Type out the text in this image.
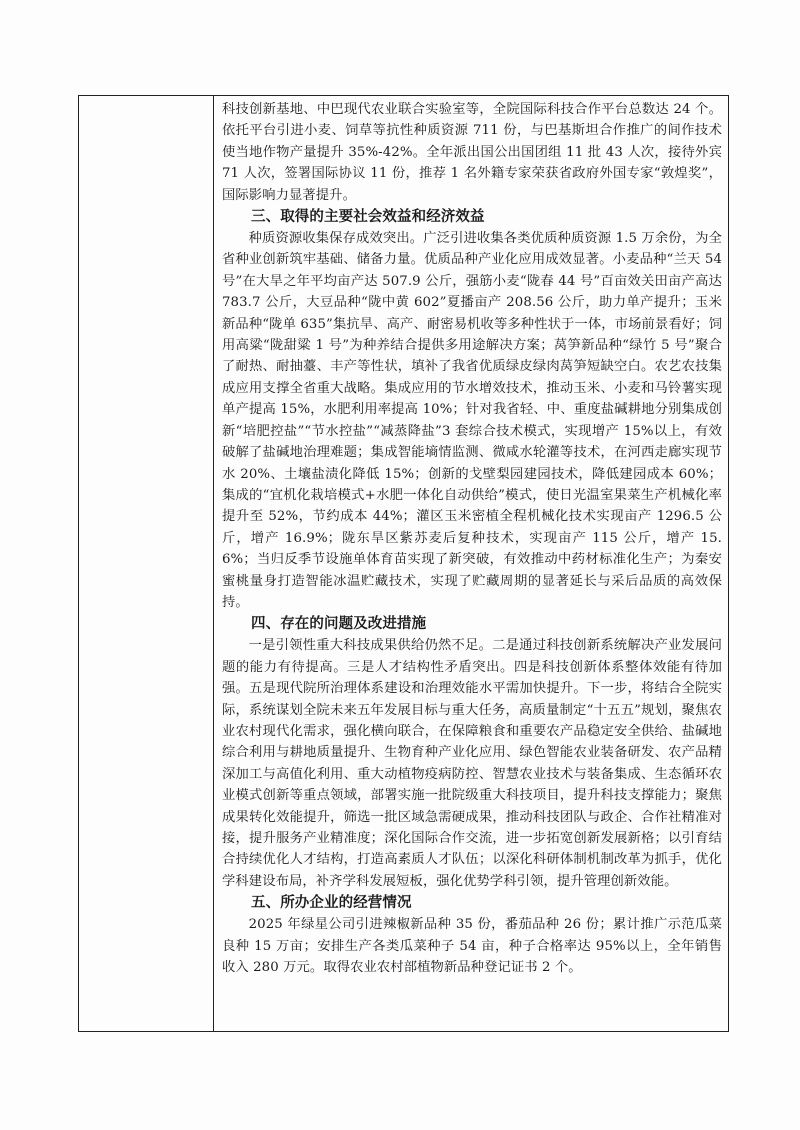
科技创新基地、中巴现代农业联合实验室等，全院国际科技合作平台总数达 24 个。依托平台引进小麦、饲草等抗性种质资源 711 份，与巴基斯坦合作推广的间作技术使当地作物产量提升 35%-42%。全年派出国公出国团组 11 批 43 人次，接待外宾 71 人次，签署国际协议 11 份，推荐 1 名外籍专家荣获省政府外国专家“敦煌奖”，国际影响力显著提升。

三、取得的主要社会效益和经济效益

种质资源收集保存成效突出。广泛引进收集各类优质种质资源 1.5 万余份，为全省种业创新筑牢基础、储备力量。优质品种产业化应用成效显著。小麦品种“兰天 54 号”在大旱之年平均亩产达 507.9 公斤，强筋小麦“陇春 44 号”百亩效关田亩产高达 783.7 公斤，大豆品种“陇中黄 602”夏播亩产 208.56 公斤，助力单产提升；玉米新品种“陇单 635”集抗旱、高产、耐密易机收等多种性状于一体，市场前景看好；饲用高粱“陇甜粱 1 号”为种养结合提供多用途解决方案；莴笋新品种“绿竹 5 号”聚合了耐热、耐抽薹、丰产等性状，填补了我省优质绿皮绿肉莴笋短缺空白。农艺农技集成应用支撑全省重大战略。集成应用的节水增效技术，推动玉米、小麦和马铃薯实现单产提高 15%，水肥利用率提高 10%；针对我省轻、中、重度盐碱耕地分别集成创新“培肥控盐”“节水控盐”“减蒸降盐”3 套综合技术模式，实现增产 15%以上，有效破解了盐碱地治理难题；集成智能墒情监测、微咸水轮灌等技术，在河西走廊实现节水 20%、土壤盐渍化降低 15%；创新的戈壁梨园建园技术，降低建园成本 60%；集成的“宜机化栽培模式+水肥一体化自动供给”模式，使日光温室果菜生产机械化率提升至 52%，节约成本 44%；灌区玉米密植全程机械化技术实现亩产 1296.5 公斤，增产 16.9%；陇东旱区紫苏麦后复种技术，实现亩产 115 公斤，增产 15.6%；当归反季节设施单体育苗实现了新突破，有效推动中药材标准化生产；为秦安蜜桃量身打造智能冰温贮藏技术，实现了贮藏周期的显著延长与采后品质的高效保持。

四、存在的问题及改进措施

一是引领性重大科技成果供给仍然不足。二是通过科技创新系统解决产业发展问题的能力有待提高。三是人才结构性矛盾突出。四是科技创新体系整体效能有待加强。五是现代院所治理体系建设和治理效能水平需加快提升。下一步，将结合全院实际，系统谋划全院未来五年发展目标与重大任务，高质量制定“十五五”规划，聚焦农业农村现代化需求，强化横向联合，在保障粮食和重要农产品稳定安全供给、盐碱地综合利用与耕地质量提升、生物育种产业化应用、绿色智能农业装备研发、农产品精深加工与高值化利用、重大动植物疫病防控、智慧农业技术与装备集成、生态循环农业模式创新等重点领域，部署实施一批院级重大科技项目，提升科技支撑能力；聚焦成果转化效能提升，筛选一批区域急需硬成果，推动科技团队与政企、合作社精准对接，提升服务产业精准度；深化国际合作交流，进一步拓宽创新发展新格；以引育结合持续优化人才结构，打造高素质人才队伍；以深化科研体制机制改革为抓手，优化学科建设布局，补齐学科发展短板，强化优势学科引领，提升管理创新效能。

五、所办企业的经营情况

2025 年绿星公司引进辣椒新品种 35 份，番茄品种 26 份；累计推广示范瓜菜良种 15 万亩；安排生产各类瓜菜种子 54 亩，种子合格率达 95%以上，全年销售收入 280 万元。取得农业农村部植物新品种登记证书 2 个。
